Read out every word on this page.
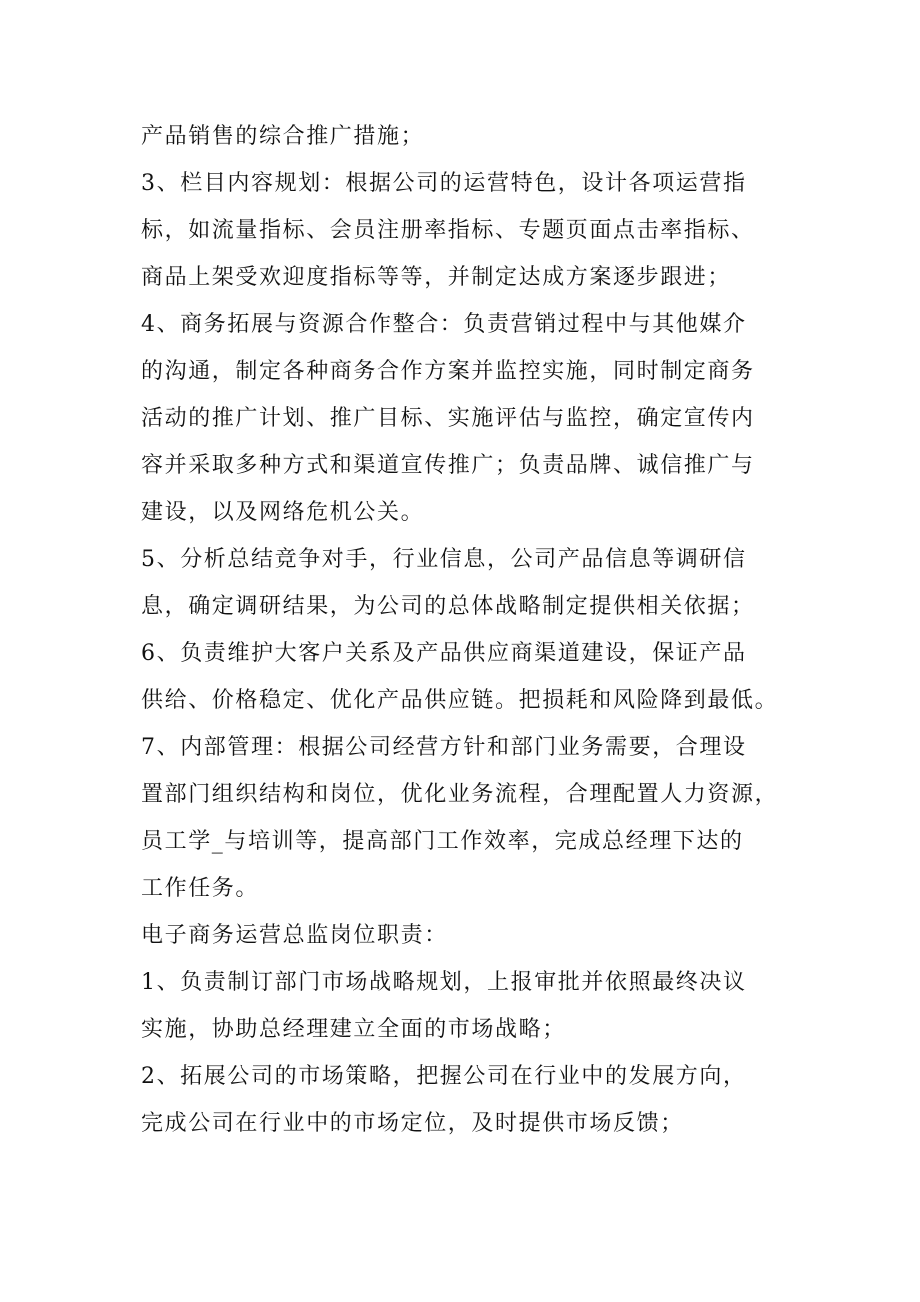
产品销售的综合推广措施；
3、栏目内容规划：根据公司的运营特色，设计各项运营指
标，如流量指标、会员注册率指标、专题页面点击率指标、
商品上架受欢迎度指标等等，并制定达成方案逐步跟进；
4、商务拓展与资源合作整合：负责营销过程中与其他媒介
的沟通，制定各种商务合作方案并监控实施，同时制定商务
活动的推广计划、推广目标、实施评估与监控，确定宣传内
容并采取多种方式和渠道宣传推广；负责品牌、诚信推广与
建设，以及网络危机公关。
5、分析总结竞争对手，行业信息，公司产品信息等调研信
息，确定调研结果，为公司的总体战略制定提供相关依据；
6、负责维护大客户关系及产品供应商渠道建设，保证产品
供给、价格稳定、优化产品供应链。把损耗和风险降到最低。
7、内部管理：根据公司经营方针和部门业务需要，合理设
置部门组织结构和岗位，优化业务流程，合理配置人力资源，
员工学_与培训等，提高部门工作效率，完成总经理下达的
工作任务。
电子商务运营总监岗位职责：
1、负责制订部门市场战略规划，上报审批并依照最终决议
实施，协助总经理建立全面的市场战略；
2、拓展公司的市场策略，把握公司在行业中的发展方向，
完成公司在行业中的市场定位，及时提供市场反馈；
